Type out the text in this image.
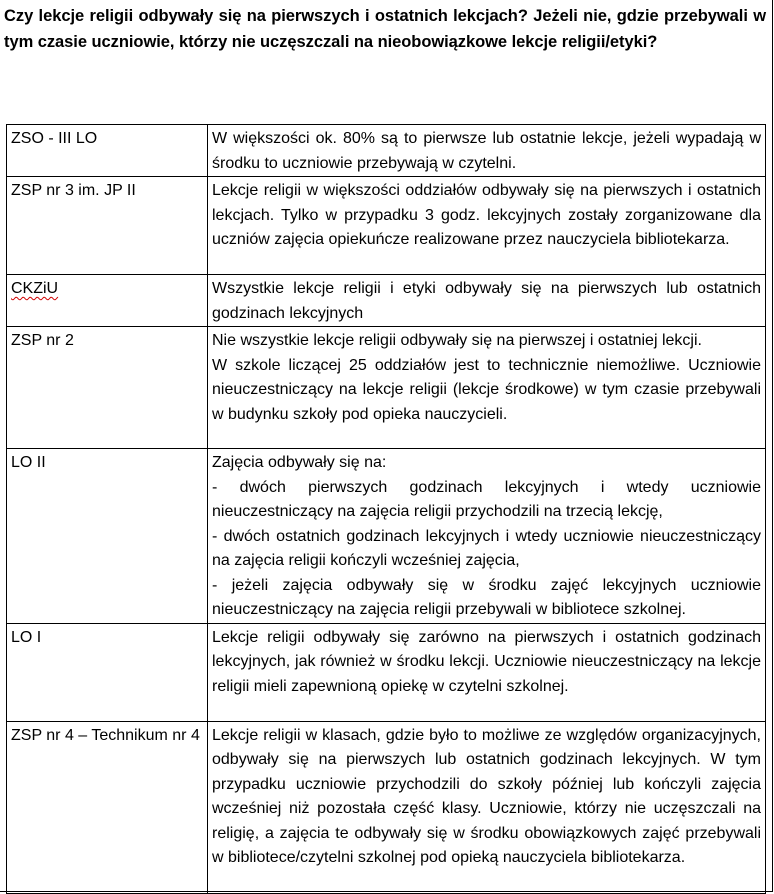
Czy lekcje religii odbywały się na pierwszych i ostatnich lekcjach? Jeżeli nie, gdzie przebywali w tym czasie uczniowie, którzy nie uczęszczali na nieobowiązkowe lekcje religii/etyki?

ZSO - III LO	W większości ok. 80% są to pierwsze lub ostatnie lekcje, jeżeli wypadają w środku to uczniowie przebywają w czytelni.

ZSP nr 3 im. JP II	Lekcje religii w większości oddziałów odbywały się na pierwszych i ostatnich lekcjach. Tylko w przypadku 3 godz. lekcyjnych zostały zorganizowane dla uczniów zajęcia opiekuńcze realizowane przez nauczyciela bibliotekarza.

CKZiU	Wszystkie lekcje religii i etyki odbywały się na pierwszych lub ostatnich godzinach lekcyjnych

ZSP nr 2	Nie wszystkie lekcje religii odbywały się na pierwszej i ostatniej lekcji.
W szkole liczącej 25 oddziałów jest to technicznie niemożliwe. Uczniowie nieuczestniczący na lekcje religii (lekcje środkowe) w tym czasie przebywali w budynku szkoły pod opieka nauczycieli.

LO II	Zajęcia odbywały się na:
- dwóch pierwszych godzinach lekcyjnych i wtedy uczniowie nieuczestniczący na zajęcia religii przychodzili na trzecią lekcję,
- dwóch ostatnich godzinach lekcyjnych i wtedy uczniowie nieuczestniczący na zajęcia religii kończyli wcześniej zajęcia,
- jeżeli zajęcia odbywały się w środku zajęć lekcyjnych uczniowie nieuczestniczący na zajęcia religii przebywali w bibliotece szkolnej.

LO I	Lekcje religii odbywały się zarówno na pierwszych i ostatnich godzinach lekcyjnych, jak również w środku lekcji. Uczniowie nieuczestniczący na lekcje religii mieli zapewnioną opiekę w czytelni szkolnej.

ZSP nr 4 – Technikum nr 4	Lekcje religii w klasach, gdzie było to możliwe ze względów organizacyjnych, odbywały się na pierwszych lub ostatnich godzinach lekcyjnych. W tym przypadku uczniowie przychodzili do szkoły później lub kończyli zajęcia wcześniej niż pozostała część klasy. Uczniowie, którzy nie uczęszczali na religię, a zajęcia te odbywały się w środku obowiązkowych zajęć przebywali w bibliotece/czytelni szkolnej pod opieką nauczyciela bibliotekarza.
